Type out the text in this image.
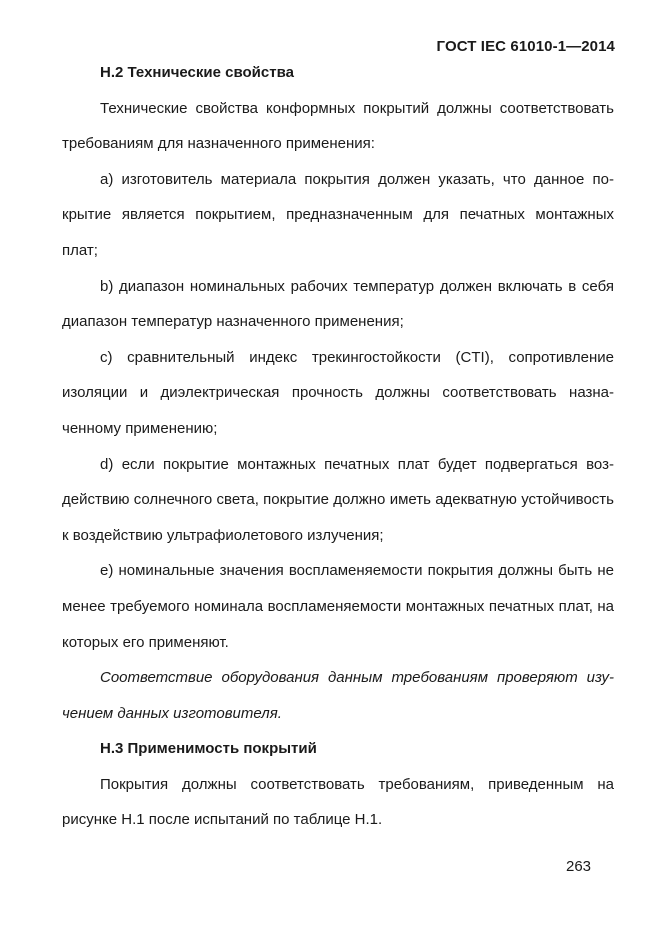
ГОСТ IEC 61010-1—2014

Н.2 Технические свойства

Технические свойства конформных покрытий должны соответствовать требованиям для назначенного применения:

a) изготовитель материала покрытия должен указать, что данное покрытие является покрытием, предназначенным для печатных монтажных плат;

b) диапазон номинальных рабочих температур должен включать в себя диапазон температур назначенного применения;

c) сравнительный индекс трекингостойкости (CTI), сопротивление изоляции и диэлектрическая прочность должны соответствовать назначенному применению;

d) если покрытие монтажных печатных плат будет подвергаться воздействию солнечного света, покрытие должно иметь адекватную устойчивость к воздействию ультрафиолетового излучения;

e) номинальные значения воспламеняемости покрытия должны быть не менее требуемого номинала воспламеняемости монтажных печатных плат, на которых его применяют.

Соответствие оборудования данным требованиям проверяют изучением данных изготовителя.

Н.3 Применимость покрытий

Покрытия должны соответствовать требованиям, приведенным на рисунке Н.1 после испытаний по таблице Н.1.

263
